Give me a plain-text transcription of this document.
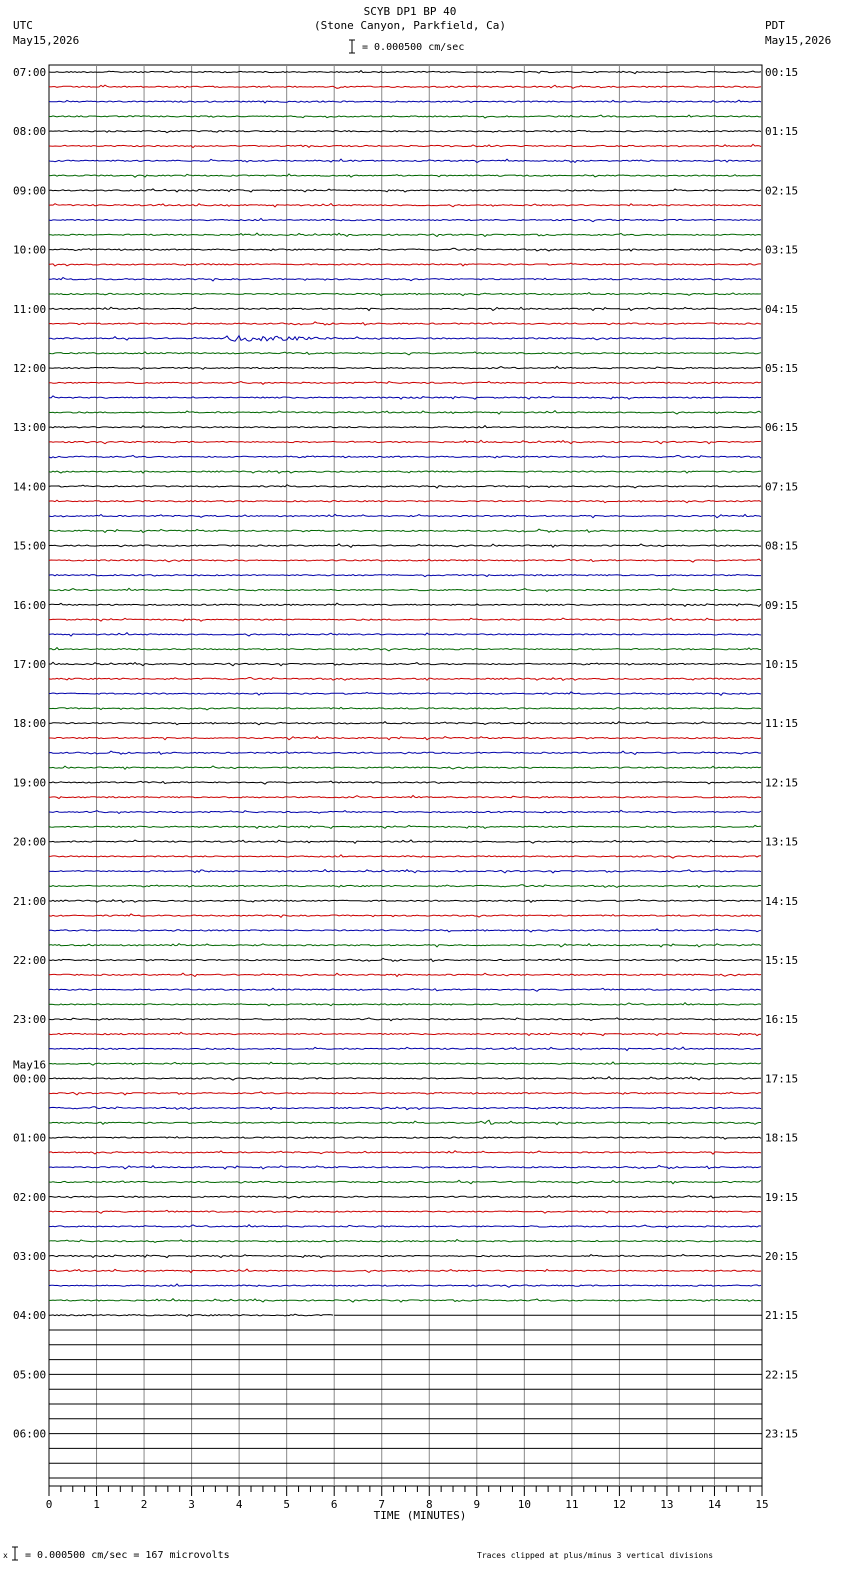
x
07:00
08:00
09:00
10:00
11:00
12:00
13:00
14:00
15:00
16:00
17:00
18:00
19:00
20:00
21:00
22:00
23:00
00:00
01:00
02:00
03:00
04:00
05:00
06:00
May16
00:15
01:15
02:15
03:15
04:15
05:15
06:15
07:15
08:15
09:15
10:15
11:15
12:15
13:15
14:15
15:15
16:15
17:15
18:15
19:15
20:15
21:15
22:15
23:15
0	1	2	3	4	5	6	7	8	9	10	11	12	13	14	15
SCYB DP1 BP 40
(Stone Canyon, Parkfield, Ca)
= 0.000500 cm/sec
UTC
May15,2026
PDT
May15,2026
TIME (MINUTES)
= 0.000500 cm/sec = 167 microvolts	Traces clipped at plus/minus 3 vertical divisions
